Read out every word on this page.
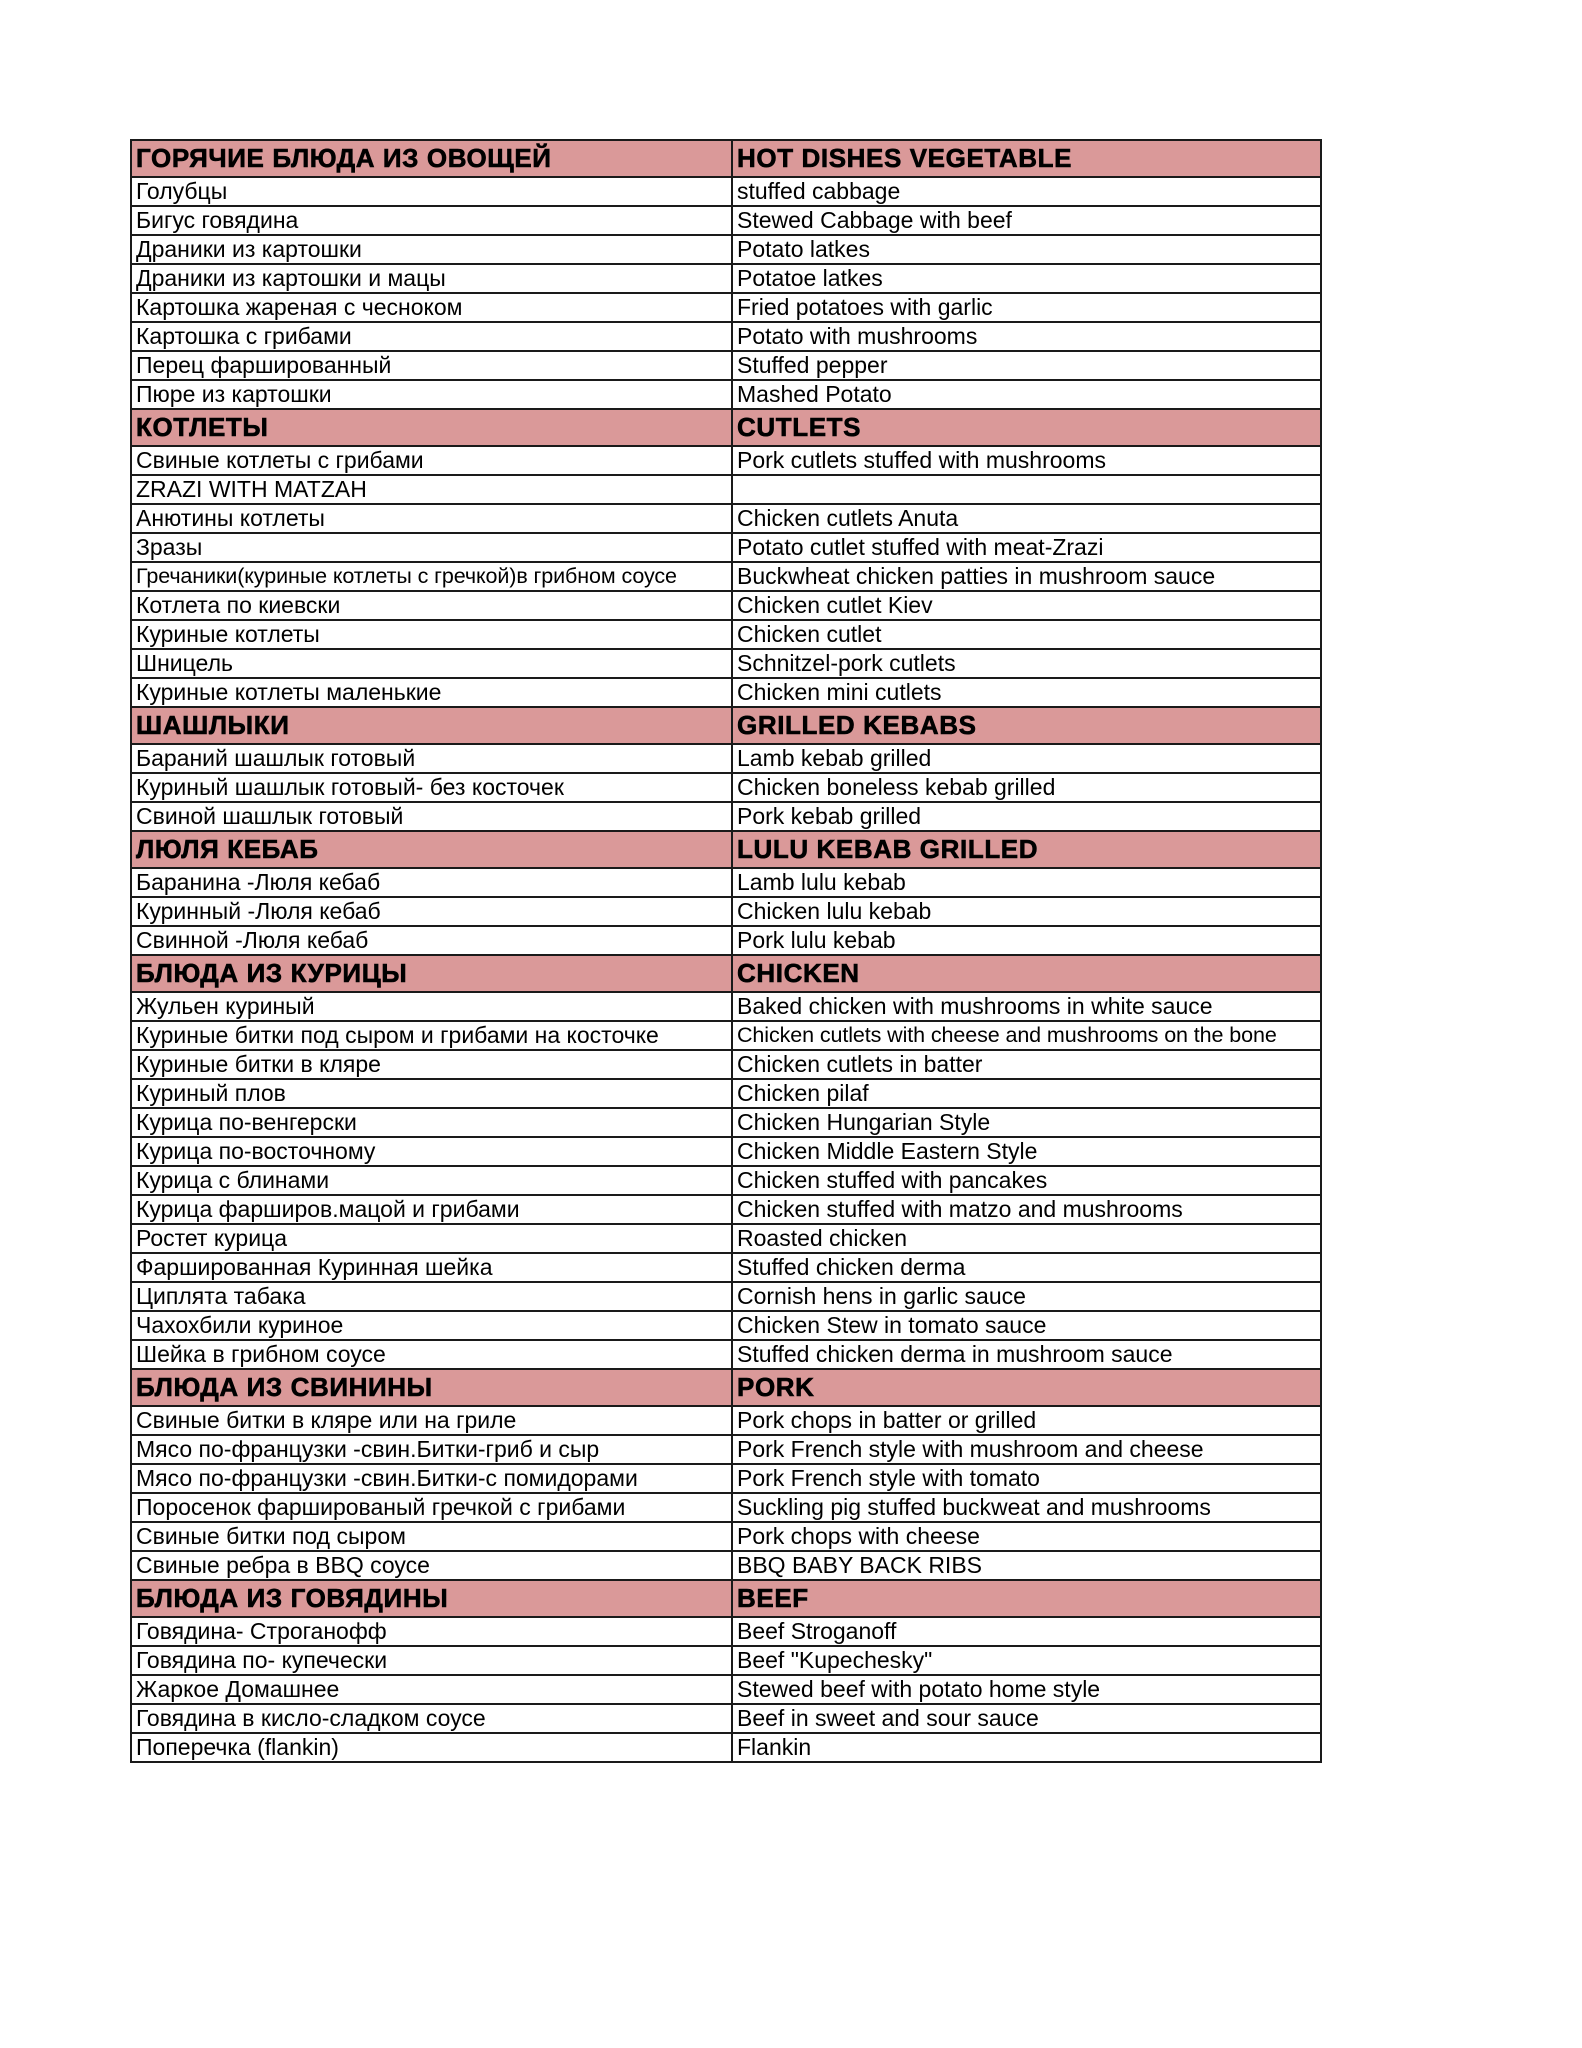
ГОРЯЧИЕ БЛЮДА ИЗ ОВОЩЕЙ	HOT DISHES VEGETABLE
Голубцы	stuffed cabbage
Бигус говядина	Stewed Cabbage with beef
Драники из картошки	Potato latkes
Драники из картошки и мацы	Potatoe latkes
Картошка жареная с чесноком	Fried potatoes with garlic
Картошка с грибами	Potato with mushrooms
Перец фаршированный	Stuffed pepper
Пюре из картошки	Mashed Potato
КОТЛЕТЫ	CUTLETS
Свиные котлеты с грибами	Pork cutlets stuffed with mushrooms
ZRAZI WITH MATZAH	
Анютины котлеты	Chicken cutlets Anuta
Зразы	Potato cutlet stuffed with meat-Zrazi
Гречаники(куриные котлеты с гречкой)в грибном соусе	Buckwheat chicken patties in mushroom sauce
Котлета по киевски	Chicken cutlet Kiev
Куриные котлеты	Chicken cutlet
Шницель	Schnitzel-pork cutlets
Куриные котлеты маленькие	Chicken mini cutlets
ШАШЛЫКИ	GRILLED KEBABS
Бараний шашлык готовый	Lamb kebab grilled
Куриный шашлык готовый- без косточек	Chicken boneless kebab grilled
Свиной шашлык готовый	Pork kebab grilled
ЛЮЛЯ КЕБАБ	LULU KEBAB GRILLED
Баранина -Люля кебаб	Lamb lulu kebab
Куринный -Люля кебаб	Chicken lulu kebab
Свинной -Люля кебаб	Pork lulu kebab
БЛЮДА ИЗ КУРИЦЫ	CHICKEN
Жульен куриный	Baked chicken with mushrooms in white sauce
Куриные битки под сыром и грибами на косточке	Chicken cutlets with cheese and mushrooms on the bone
Куриные битки в кляре	Chicken cutlets in batter
Куриный плов	Chicken pilaf
Курица по-венгерски	Chicken Hungarian Style
Курица по-восточному	Chicken Middle Eastern Style
Курица с блинами	Chicken stuffed with pancakes
Курица фарширов.мацой и грибами	Chicken stuffed with matzo and mushrooms
Ростет курица	Roasted chicken
Фаршированная Куринная шейка	Stuffed chicken derma
Циплята табака	Cornish hens in garlic sauce
Чахохбили куриное	Chicken Stew in tomato sauce
Шейка в грибном соусе	Stuffed chicken derma in mushroom sauce
БЛЮДА ИЗ СВИНИНЫ	PORK
Свиные битки в кляре или на гриле	Pork chops in batter or grilled
Мясо по-французки -свин.Битки-гриб и сыр	Pork French style with mushroom and cheese
Мясо по-французки -свин.Битки-с помидорами	Pork French style with tomato
Поросенок фаршированый гречкой с грибами	Suckling pig stuffed buckweat and mushrooms
Свиные битки под сыром	Pork chops with cheese
Свиные ребра в BBQ соусе	BBQ BABY BACK RIBS
БЛЮДА ИЗ ГОВЯДИНЫ	BEEF
Говядина- Строганофф	Beef Stroganoff
Говядина по- купечески	Beef "Kupechesky"
Жаркое Домашнее	Stewed beef with potato home style
Говядина в кисло-сладком соусе	Beef in sweet and sour sauce
Поперечка (flankin)	Flankin
